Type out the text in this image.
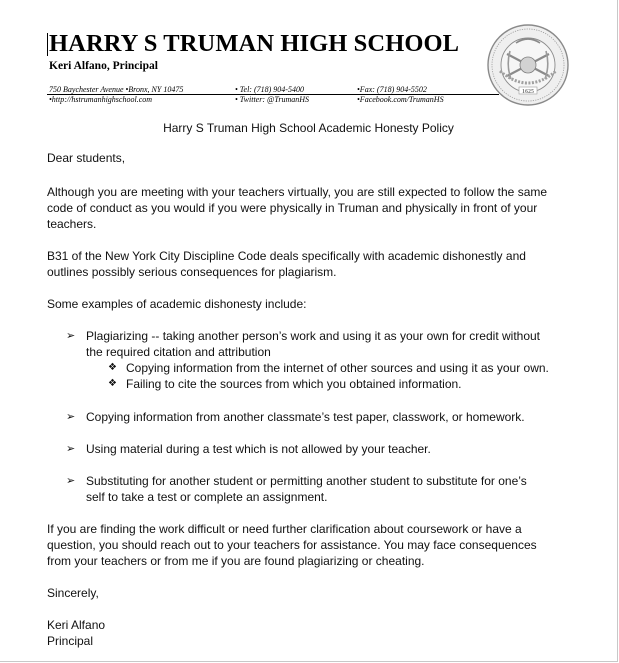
HARRY S TRUMAN HIGH SCHOOL
Keri Alfano, Principal
750 Baychester Avenue •Bronx, NY 10475
•http://hstrumanhighschool.com
• Tel: (718) 904-5400
• Twitter: @TrumanHS
•Fax: (718) 904-5502
•Facebook.com/TrumanHS
1625
Harry S Truman High School Academic Honesty Policy
Dear students,
Although you are meeting with your teachers virtually, you are still expected to follow the same
code of conduct as you would if you were physically in Truman and physically in front of your
teachers.
B31 of the New York City Discipline Code deals specifically with academic dishonestly and
outlines possibly serious consequences for plagiarism.
Some examples of academic dishonesty include:
➢ Plagiarizing -- taking another person’s work and using it as your own for credit without
the required citation and attribution
❖ Copying information from the internet of other sources and using it as your own.
❖ Failing to cite the sources from which you obtained information.
➢ Copying information from another classmate’s test paper, classwork, or homework.
➢ Using material during a test which is not allowed by your teacher.
➢ Substituting for another student or permitting another student to substitute for one’s
self to take a test or complete an assignment.
If you are finding the work difficult or need further clarification about coursework or have a
question, you should reach out to your teachers for assistance. You may face consequences
from your teachers or from me if you are found plagiarizing or cheating.
Sincerely,
Keri Alfano
Principal
